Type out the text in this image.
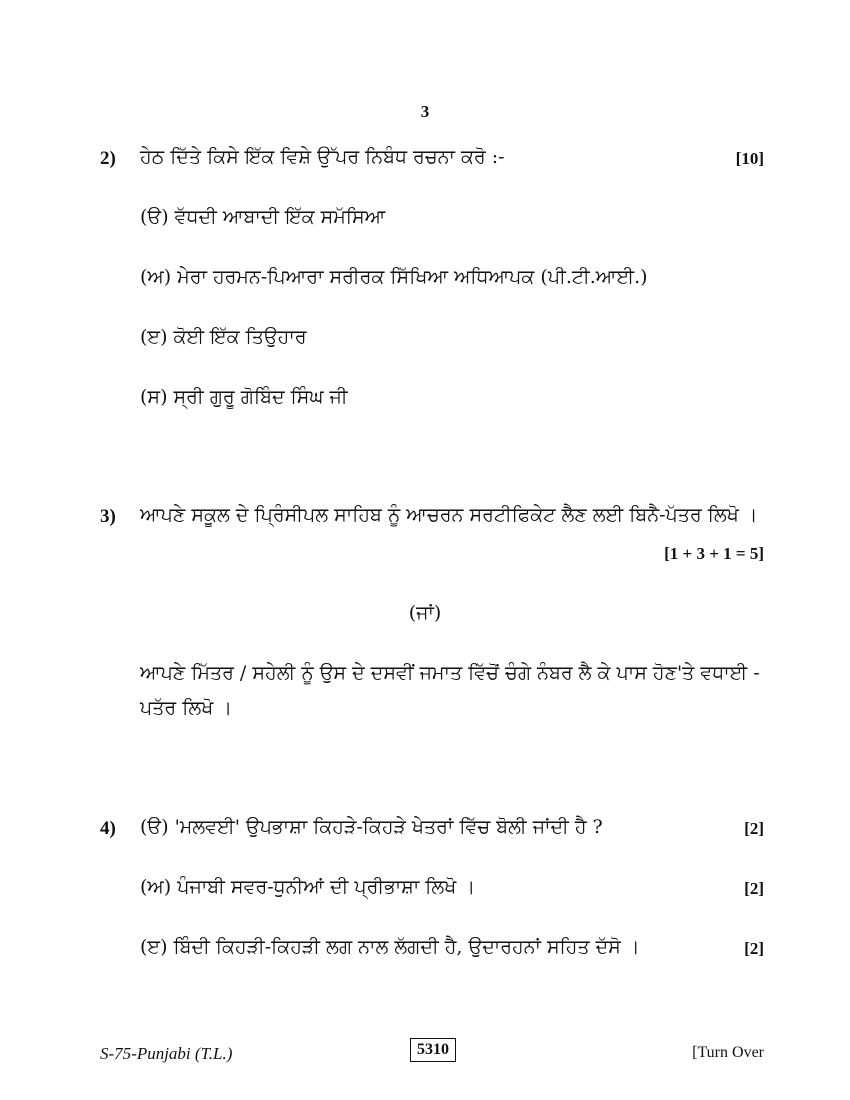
3
2) ਹੇਠ ਦਿੱਤੇ ਕਿਸੇ ਇੱਕ ਵਿਸ਼ੇ ਉੱਪਰ ਨਿਬੰਧ ਰਚਨਾ ਕਰੋ :-	[10]
(ੳ) ਵੱਧਦੀ ਆਬਾਦੀ ਇੱਕ ਸਮੱਸਿਆ
(ਅ) ਮੇਰਾ ਹਰਮਨ-ਪਿਆਰਾ ਸਰੀਰਕ ਸਿੱਖਿਆ ਅਧਿਆਪਕ (ਪੀ.ਟੀ.ਆਈ.)
(ੲ) ਕੋਈ ਇੱਕ ਤਿਉਹਾਰ
(ਸ) ਸ੍ਰੀ ਗੁਰੂ ਗੋਬਿੰਦ ਸਿੰਘ ਜੀ
3) ਆਪਣੇ ਸਕੂਲ ਦੇ ਪ੍ਰਿੰਸੀਪਲ ਸਾਹਿਬ ਨੂੰ ਆਚਰਨ ਸਰਟੀਫਿਕੇਟ ਲੈਣ ਲਈ ਬਿਨੈ-ਪੱਤਰ ਲਿਖੋ ।
[1 + 3 + 1 = 5]
(ਜਾਂ)
ਆਪਣੇ ਮਿੱਤਰ / ਸਹੇਲੀ ਨੂੰ ਉਸ ਦੇ ਦਸਵੀਂ ਜਮਾਤ ਵਿੱਚੋਂ ਚੰਗੇ ਨੰਬਰ ਲੈ ਕੇ ਪਾਸ ਹੋਣ'ਤੇ ਵਧਾਈ - ਪਤੱਰ ਲਿਖੋ ।
4) (ੳ) 'ਮਲਵਈ' ਉਪਭਾਸ਼ਾ ਕਿਹੜੇ-ਕਿਹੜੇ ਖੇਤਰਾਂ ਵਿੱਚ ਬੋਲੀ ਜਾਂਦੀ ਹੈ ?	[2]
(ਅ) ਪੰਜਾਬੀ ਸਵਰ-ਧੁਨੀਆਂ ਦੀ ਪ੍ਰੀਭਾਸ਼ਾ ਲਿਖੋ ।	[2]
(ੲ) ਬਿੰਦੀ ਕਿਹੜੀ-ਕਿਹੜੀ ਲਗ ਨਾਲ ਲੱਗਦੀ ਹੈ, ਉਦਾਰਹਨਾਂ ਸਹਿਤ ਦੱਸੋ ।	[2]
S-75-Punjabi (T.L.)	5310	[Turn Over
